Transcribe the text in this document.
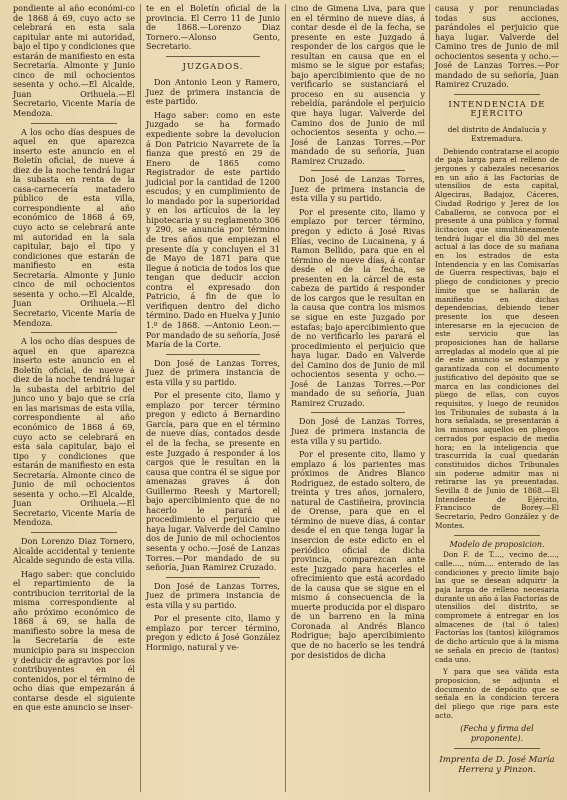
pondiente al año económi-co de 1868 á 69, cuyo acto se celebrará en esta sala capitular ante mi autoridad, bajo el tipo y condiciones que estarán de manifiesto en esta Secretaría. Almonte y Junio cinco de mil ochocientos sesenta y ocho.—El Alcalde, Juan Orihuela.—El Secretario, Vicente María de Mendoza.

A los ocho días despues de aquel en que aparezca inserto este anuncio en el Boletín oficial, de nueve á diez de la noche tendrá lugar la subasta en renta de la casa-carnecería matadero público de esta villa, correspondiente al año económico de 1868 á 69, cuyo acto se celebrará ante mi autoridad en la sala capitular, bajo el tipo y condiciones que estarán de manifiesto en esta Secretaría. Almonte y Junio cinco de mil ochocientos sesenta y ocho.—El Alcalde, Juan Orihuela.—El Secretario, Vicente María de Mendoza.

A los ocho días despues de aquel en que aparezca inserto este anuncio en el Boletín oficial, de nueve á diez de la noche tendrá lugar la subasta del arbitrio del junco uno y bajo que se cría en las marismas de esta villa, correspondiente al año económico de 1868 á 69, cuyo acto se celebrará en esta sala capitular, bajo el tipo y condiciones que estarán de manifiesto en esta Secretaría. Almonte cinco de Junio de mil ochocientos sesenta y ocho.—El Alcalde, Juan Orihuela.—El Secretario, Vicente María de Mendoza.

Don Lorenzo Diaz Tornero, Alcalde accidental y teniente Alcalde segundo de esta villa.

Hago saber: que concluido el repartimiento de la contribucion territorial de la misma correspondiente al año próximo económico de 1868 á 69, se halla de manifiesto sobre la mesa de la Secretaría de este municipio para su inspeccion y deducir de agravios por los contribuyentes en él contenidos, por el término de ocho días que empezarán á contarse desde el siguiente en que este anuncio se inser-

te en el Boletín oficial de la provincia. El Cerro 11 de Junio de 1868.—Lorenzo Diaz Tornero.—Alonso Gento, Secretario.

JUZGADOS.

Don Antonio Leon y Ramero, Juez de primera instancia de este partido.

Hago saber: como en este Juzgado se ha formado expediente sobre la devolucion á Don Patricio Navarrete de la fianza que prestó en 29 de Enero de 1865 como Registrador de este partido judicial por la cantidad de 1200 escudos; y en cumplimiento de lo mandado por la superioridad y en los artículos de la ley hipotecaria y su reglamento 306 y 290, se anuncia por término de tres años que empiezan el presente día y concluyen el 31 de Mayo de 1871 para que llegue á noticia de todos los que tengan que deducir accion contra el expresado don Patricio, á fin de que lo verifiquen dentro del dicho término. Dado en Huelva y Junio 1.º de 1868. —Antonio Leon.—Por mandado de su señoría, José María de la Corte.

Don José de Lanzas Torres, Juez de primera instancia de esta villa y su partido.

Por el presente cito, llamo y emplazo por tercer término pregon y edicto á Bernardino García, para que en el término de nueve días, contados desde el de la fecha, se presente en este Juzgado á responder á los cargos que le resultan en la causa que contra él se sigue por amenazas graves á don Guillermo Reesh y Martorell; bajo apercibimiento que de no hacerlo le parará el procedimiento el perjuicio que haya lugar. Valverde del Camino dos de Junio de mil ochocientos sesenta y ocho.—José de Lanzas Torres.—Por mandado de su señoría, Juan Ramirez Cruzado.

Don José de Lanzas Torres, Juez de primera instancia de esta villa y su partido.

Por el presente cito, llamo y emplazo por tercer término, pregon y edicto á José González Hormigo, natural y ve-

cino de Gimena Liva, para que en el término de nueve días, á contar desde el de la fecha, se presente en este Juzgado á responder de los cargos que le resultan en causa que en el mismo se le sigue por estafas; bajo apercibimiento que de no verificarlo se sustanciará el proceso en su ausencia y rebeldía, parándole el perjuicio que haya lugar. Valverde del Camino dos de Junio de mil ochocientos sesenta y ocho.—José de Lanzas Torres.—Por mandado de su señoría, Juan Ramirez Cruzado.

Don José de Lanzas Torres, Juez de primera instancia de esta villa y su partido.

Por el presente cito, llamo y emplazo por tercer término, pregon y edicto á José Rivas Elías, vecino de Lucainena, y á Ramon Bellido, para que en el término de nueve días, á contar desde el de la fecha, se presenten en la cárcel de esta cabeza de partido á responder de los cargos que le resultan en la causa que contra los mismos se sigue en este Juzgado por estafas; bajo apercibimiento que de no verificarlo les parará el procedimiento el perjuicio que haya lugar. Dado en Valverde del Camino dos de Junio de mil ochocientos sesenta y ocho.—José de Lanzas Torres.—Por mandado de su señoría, Juan Ramirez Cruzado.

Don José de Lanzas Torres, Juez de primera instancia de esta villa y su partido.

Por el presente cito, llamo y emplazo á los parientes mas próximos de Andres Blanco Rodriguez, de estado soltero, de treinta y tres años, jornalero, natural de Castiñeira, provincia de Orense, para que en el término de nueve días, á contar desde el en que tenga lugar la insercion de este edicto en el periódico oficial de dicha provincia, comparezcan ante este Juzgado para hacerles el ofrecimiento que está acordado de la causa que se sigue en el mismo á consecuencia de la muerte producida por el disparo de un barreno en la mina Coronada al Andrés Blanco Rodrigue; bajo apercibimiento que de no hacerlo se les tendrá por desistidos de dicha

causa y por renunciadas todas sus acciones, parándoles el perjuicio que haya lugar. Valverde del Camino tres de Junio de mil ochocientos sesenta y ocho.—José de Lanzas Torres.—Por mandado de su señoría, Juan Ramirez Cruzado.

INTENDENCIA DE EJÉRCITO
del distrito de Andalucía y Extremadura.

Debiendo contratarse el acopio de paja larga para el relleno de jergones y cabezales necesarios en un año á las Factorías de utensilios de esta capital, Algeciras, Badajoz, Cáceres, Ciudad Rodrigo y Jerez de los Caballeros, se convoca por el presente á una pública y formal licitacion que simultáneamente tendrá lugar el dia 30 del mes actual á las doce de su mañana en los estrados de esta Intendencia y en las Comisarías de Guerra respectivas, bajo el pliego de condiciones y precio límite que se hallarán de manifiesto en dichas dependencias, debiendo tener presente los que deseen interesarse en la ejecucion de este servicio que las proposiciones han de hallarse arregladas al modelo que al pie de este anuncio se estampa y garantizada con el documento justificativo del depósito que se marca en las condiciones del pliego de ellas, con cuyos requisitos, y luego de reunidos los Tribunales de subasta á la hora señalada, se presentarán á los mismos aquellos en pliegos cerrados por espacio de media hora; en la inteligencia que trascurrida la cual quedarán constituidos dichos Tribunales sin poderse admitir mas ni retirarse las ya presentadas. Sevilla 8 de Junio de 1868.—El Intendente de Ejército, Francisco de Borey.—El Secretario, Pedro González y de Montes.

Modelo de proposicion.

Don F. de T...., vecino de...., calle...., núm.... enterado de las condiciones y precio límite bajo las que se desean adquirir la paja larga de relleno necesaria durante un año á las Factorías de utensilios del distrito, se compromete á entregar en los almacenes de (tal ó tales) Factorías los (tantos) kilógramos de dicho artículo que á la misma se señala en precio de (tantos) cada uno.

Y para que sea válida esta proposicion, se adjunta el documento de depósito que se señala en la condicion tercera del pliego que rige para este acto.

(Fecha y firma del proponente).
Imprenta de D. José María Herrera y Pinzon.
